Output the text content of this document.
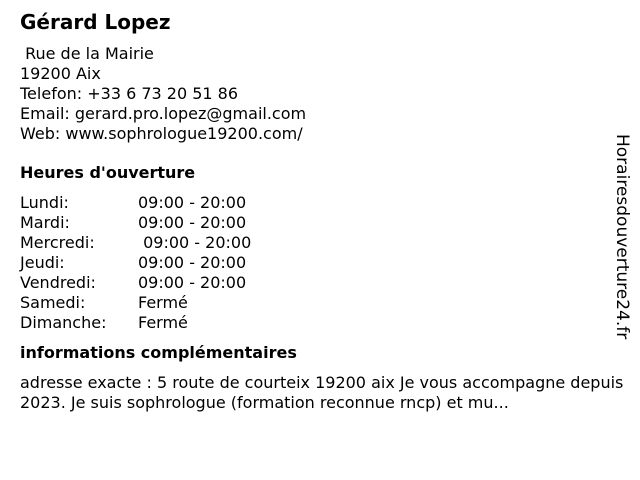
Gérard Lopez
Rue de la Mairie
19200 Aix
Telefon: +33 6 73 20 51 86
Email: gerard.pro.lopez@gmail.com
Web: www.sophrologue19200.com/
Heures d'ouverture
Lundi:	09:00 - 20:00
Mardi:	09:00 - 20:00
Mercredi:	09:00 - 20:00
Jeudi:	09:00 - 20:00
Vendredi:	09:00 - 20:00
Samedi:	Fermé
Dimanche:	Fermé
informations complémentaires
adresse exacte : 5 route de courteix 19200 aix Je vous accompagne depuis 2023. Je suis sophrologue (formation reconnue rncp) et mu...
Horairesdouverture24.fr
